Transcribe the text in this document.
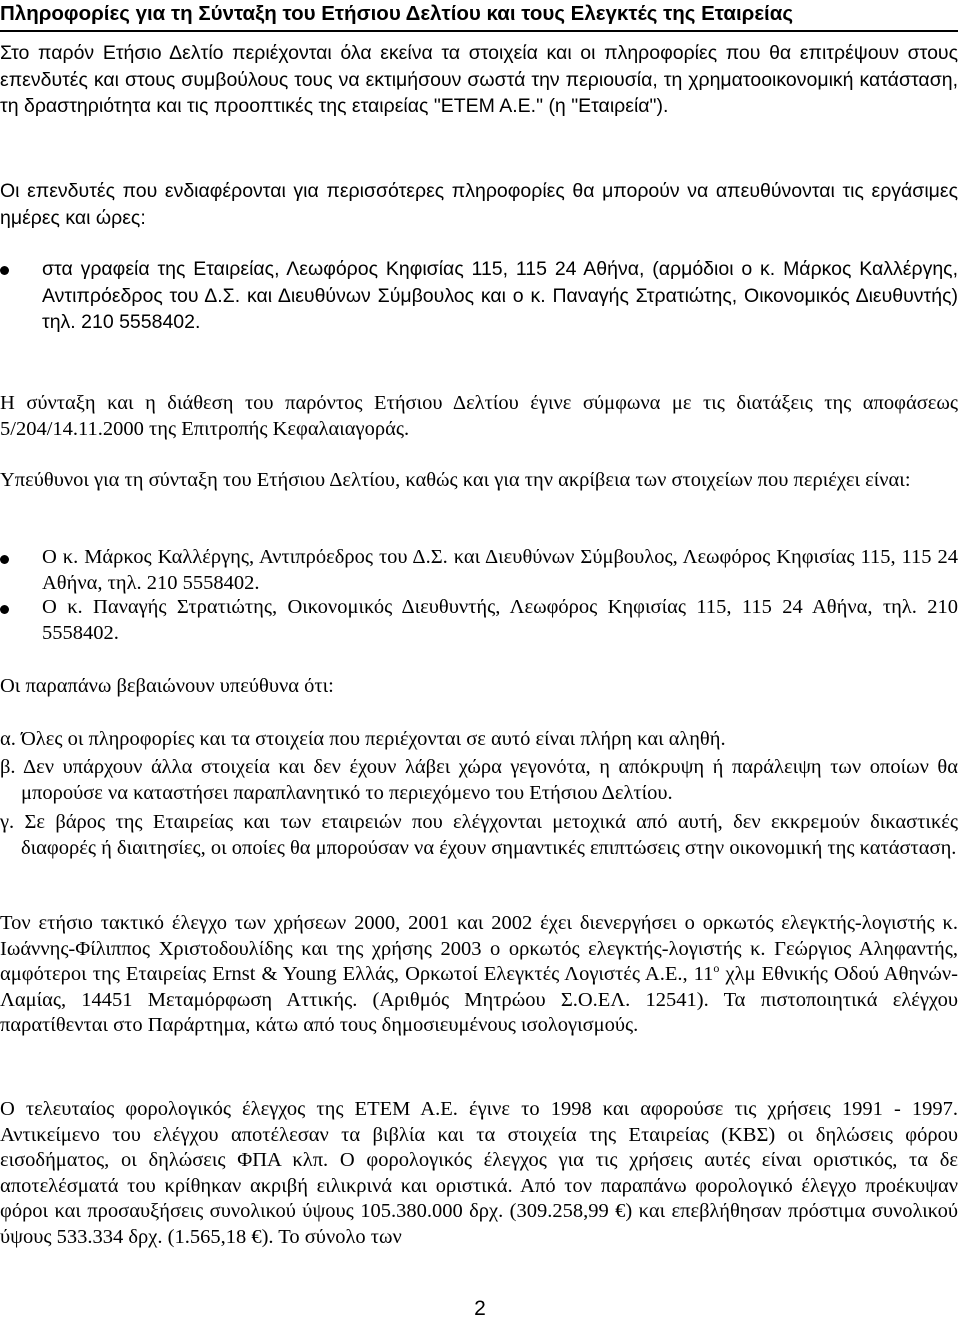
Πληροφορίες για τη Σύνταξη του Ετήσιου Δελτίου και τους Ελεγκτές της Εταιρείας
Στο παρόν Ετήσιο Δελτίο περιέχονται όλα εκείνα τα στοιχεία και οι πληροφορίες που θα επιτρέψουν στους επενδυτές και στους συμβούλους τους να εκτιμήσουν σωστά την περιουσία, τη χρηματοοικονομική κατάσταση, τη δραστηριότητα και τις προοπτικές της εταιρείας "ΕΤΕΜ Α.Ε." (η "Εταιρεία").
Οι επενδυτές που ενδιαφέρονται για περισσότερες πληροφορίες θα μπορούν να απευθύνονται τις εργάσιμες ημέρες και ώρες:
στα γραφεία της Εταιρείας, Λεωφόρος Κηφισίας 115, 115 24 Αθήνα, (αρμόδιοι ο κ. Μάρκος Καλλέργης, Αντιπρόεδρος του Δ.Σ. και Διευθύνων Σύμβουλος και ο κ. Παναγής Στρατιώτης, Οικονομικός Διευθυντής) τηλ. 210 5558402.
Η σύνταξη και η διάθεση του παρόντος Ετήσιου Δελτίου έγινε σύμφωνα με τις διατάξεις της αποφάσεως 5/204/14.11.2000 της Επιτροπής Κεφαλαιαγοράς.
Υπεύθυνοι για τη σύνταξη του Ετήσιου Δελτίου, καθώς και για την ακρίβεια των στοιχείων που περιέχει είναι:
Ο κ. Μάρκος Καλλέργης, Αντιπρόεδρος του Δ.Σ. και Διευθύνων Σύμβουλος, Λεωφόρος Κηφισίας 115, 115 24 Αθήνα, τηλ. 210 5558402.
Ο κ. Παναγής Στρατιώτης, Οικονομικός Διευθυντής, Λεωφόρος Κηφισίας 115, 115 24 Αθήνα, τηλ. 210 5558402.
Οι παραπάνω βεβαιώνουν υπεύθυνα ότι:
α. Όλες οι πληροφορίες και τα στοιχεία που περιέχονται σε αυτό είναι πλήρη και αληθή.
β. Δεν υπάρχουν άλλα στοιχεία και δεν έχουν λάβει χώρα γεγονότα, η απόκρυψη ή παράλειψη των οποίων θα μπορούσε να καταστήσει παραπλανητικό το περιεχόμενο του Ετήσιου Δελτίου.
γ. Σε βάρος της Εταιρείας και των εταιρειών που ελέγχονται μετοχικά από αυτή, δεν εκκρεμούν δικαστικές διαφορές ή διαιτησίες, οι οποίες θα μπορούσαν να έχουν σημαντικές επιπτώσεις στην οικονομική της κατάσταση.
Τον ετήσιο τακτικό έλεγχο των χρήσεων 2000, 2001 και 2002 έχει διενεργήσει ο ορκωτός ελεγκτής-λογιστής κ. Ιωάννης-Φίλιππος Χριστοδουλίδης και της χρήσης 2003 ο ορκωτός ελεγκτής-λογιστής κ. Γεώργιος Αληφαντής, αμφότεροι της Εταιρείας Ernst & Young Ελλάς, Ορκωτοί Ελεγκτές Λογιστές Α.Ε., $11^o$ χλμ Εθνικής Οδού Αθηνών-Λαμίας, 14451 Μεταμόρφωση Αττικής. (Αριθμός Μητρώου Σ.Ο.ΕΛ. 12541). Τα πιστοποιητικά ελέγχου παρατίθενται στο Παράρτημα, κάτω από τους δημοσιευμένους ισολογισμούς.
Ο τελευταίος φορολογικός έλεγχος της ΕΤΕΜ Α.Ε. έγινε το 1998 και αφορούσε τις χρήσεις 1991 - 1997. Αντικείμενο του ελέγχου αποτέλεσαν τα βιβλία και τα στοιχεία της Εταιρείας (ΚΒΣ) οι δηλώσεις φόρου εισοδήματος, οι δηλώσεις ΦΠΑ κλπ. Ο φορολογικός έλεγχος για τις χρήσεις αυτές είναι οριστικός, τα δε αποτελέσματά του κρίθηκαν ακριβή ειλικρινά και οριστικά. Από τον παραπάνω φορολογικό έλεγχο προέκυψαν φόροι και προσαυξήσεις συνολικού ύψους 105.380.000 δρχ. (309.258,99 €) και επεβλήθησαν πρόστιμα συνολικού ύψους 533.334 δρχ. (1.565,18 €). Το σύνολο των
2
